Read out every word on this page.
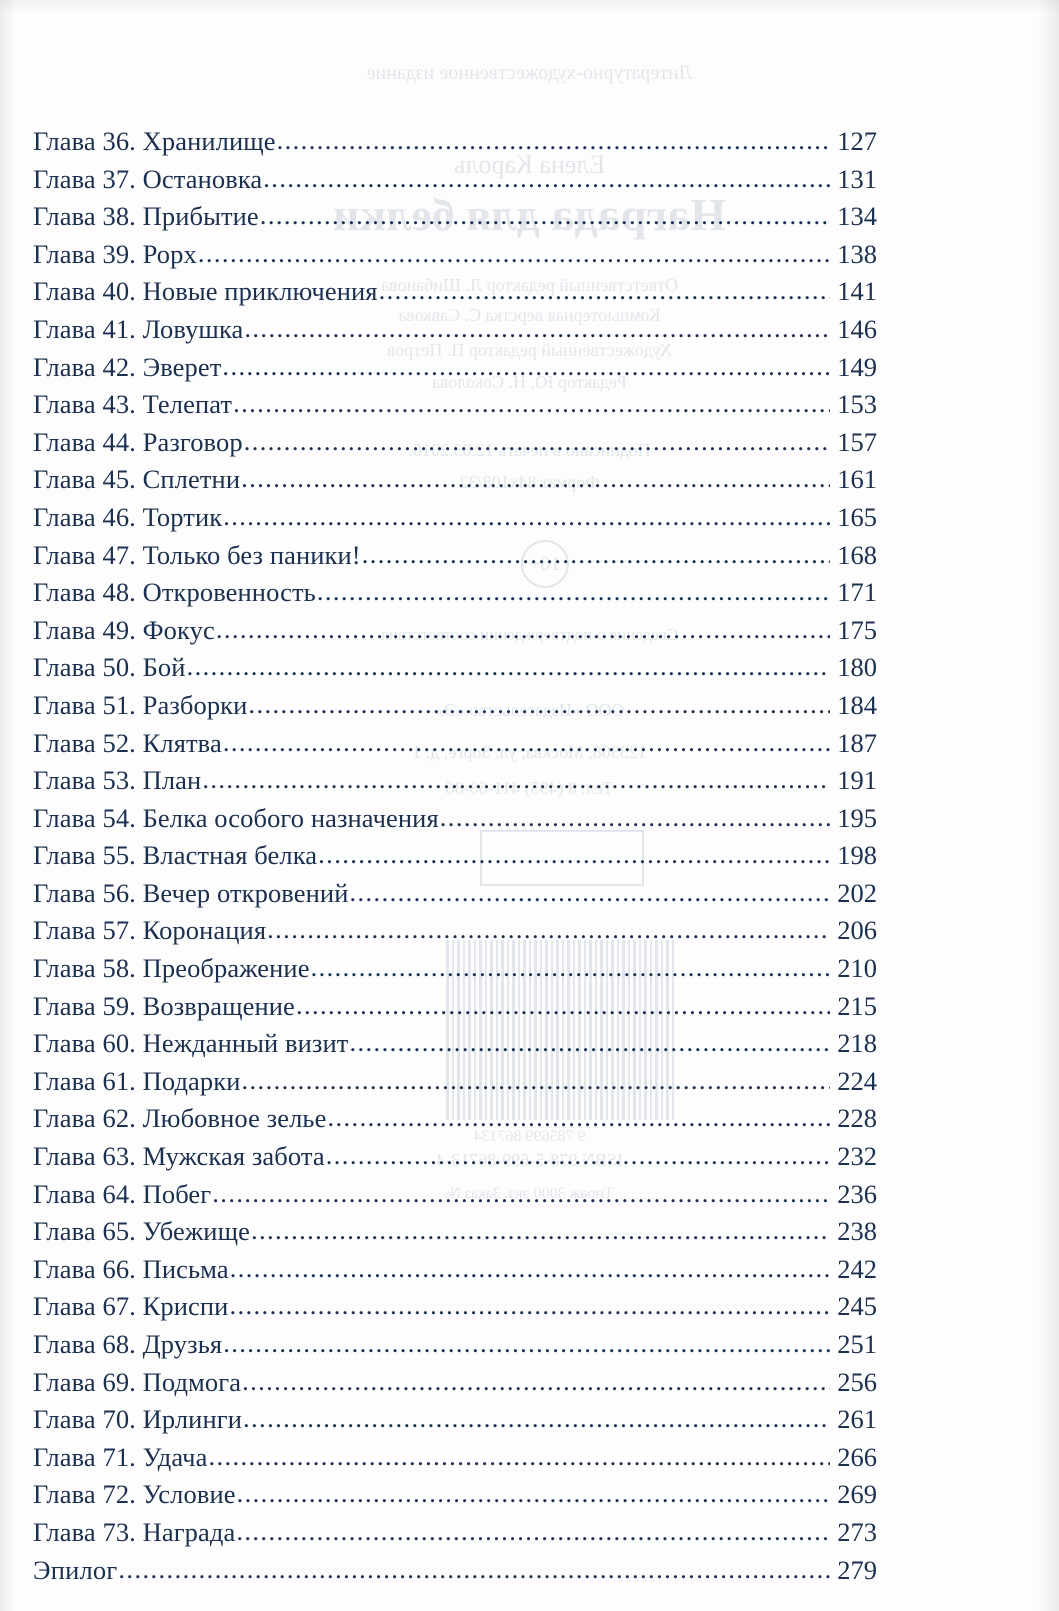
Литературно-художественное издание
Елена Кароль
Награда для белки
Ответственный редактор Л. Шибанова
Компьютерная верстка С. Савкова
Художественный редактор П. Петров
Редактор Ю. Н. Соколова
Подписано в печать 12.03.2016.
Формат 84x108/32
16+
Сведения о подтверждении соответствия
ООО «Издательство «Э»
123308, Москва, ул. Зорге, д. 1
Тел. 8 (495) 411-68-86
9 785699 867134
ISBN 978-5-699-86713-4
Тираж 3000 экз. Заказ №
Глава 36. Хранилище .....	127
Глава 37. Остановка .....	131
Глава 38. Прибытие .....	134
Глава 39. Рорх .....	138
Глава 40. Новые приключения .....	141
Глава 41. Ловушка .....	146
Глава 42. Эверет .....	149
Глава 43. Телепат .....	153
Глава 44. Разговор .....	157
Глава 45. Сплетни .....	161
Глава 46. Тортик .....	165
Глава 47. Только без паники! .....	168
Глава 48. Откровенность .....	171
Глава 49. Фокус .....	175
Глава 50. Бой .....	180
Глава 51. Разборки .....	184
Глава 52. Клятва .....	187
Глава 53. План .....	191
Глава 54. Белка особого назначения .....	195
Глава 55. Властная белка .....	198
Глава 56. Вечер откровений .....	202
Глава 57. Коронация .....	206
Глава 58. Преображение .....	210
Глава 59. Возвращение .....	215
Глава 60. Нежданный визит .....	218
Глава 61. Подарки .....	224
Глава 62. Любовное зелье .....	228
Глава 63. Мужская забота .....	232
Глава 64. Побег .....	236
Глава 65. Убежище .....	238
Глава 66. Письма .....	242
Глава 67. Криспи .....	245
Глава 68. Друзья .....	251
Глава 69. Подмога .....	256
Глава 70. Ирлинги .....	261
Глава 71. Удача .....	266
Глава 72. Условие .....	269
Глава 73. Награда .....	273
Эпилог .....	279
